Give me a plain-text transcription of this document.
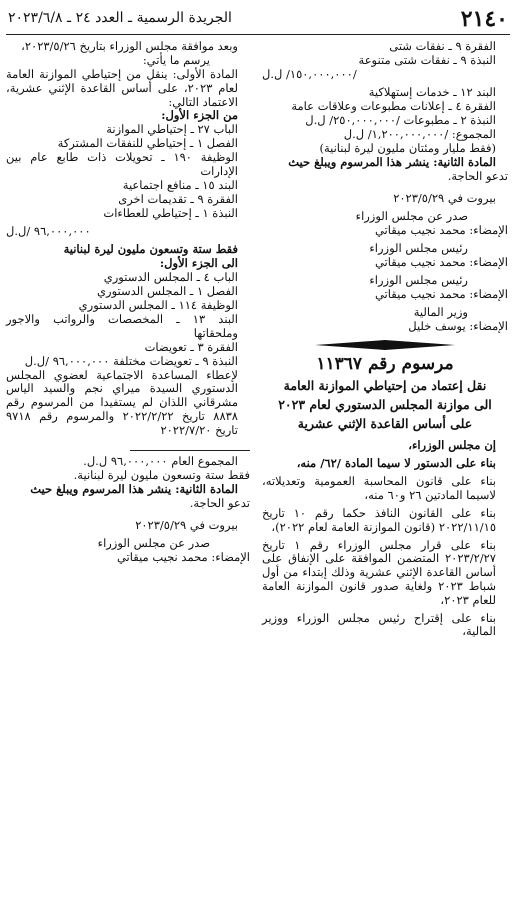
٢١٤٠
الجريدة الرسمية ـ العدد ٢٤ ـ ٢٠٢٣/٦/٨

الفقرة ٩ ـ نفقات شتى

النبذة ٩ ـ نفقات شتى متنوعة

/١٥٠,٠٠٠,٠٠٠/ ل.ل

البند ١٢ ـ خدمات إستهلاكية

الفقرة ٤ ـ إعلانات مطبوعات وعلاقات عامة

النبذة ٢ ـ مطبوعات /٢٥٠,٠٠٠,٠٠٠/ ل.ل

المجموع: /١,٢٠٠,٠٠٠,٠٠٠/ ل.ل

(فقط مليار ومئتان مليون ليرة لبنانية)

المادة الثانية: ينشر هذا المرسوم ويبلغ حيث

تدعو الحاجة.

بيروت في ٢٠٢٣/٥/٢٩

صدر عن مجلس الوزراء

الإمضاء: محمد نجيب ميقاتي

رئيس مجلس الوزراء

الإمضاء: محمد نجيب ميقاتي

رئيس مجلس الوزراء

الإمضاء: محمد نجيب ميقاتي

وزير المالية

الإمضاء: يوسف خليل

مرسوم رقم ١١٣٦٧

نقل إعتماد من إحتياطي الموازنة العامة

الى موازنة المجلس الدستوري لعام ٢٠٢٣

على أساس القاعدة الإثني عشرية

إن مجلس الوزراء،

بناء على الدستور لا سيما المادة /٦٢/ منه،

بناء على قانون المحاسبة العمومية وتعديلاته، لاسيما المادتين ٢٦ و٦٠ منه،

بناء على القانون النافذ حكما رقم ١٠ تاريخ ٢٠٢٢/١١/١٥ (قانون الموازنة العامة لعام ٢٠٢٢)،

بناء على قرار مجلس الوزراء رقم ١ تاريخ ٢٠٢٣/٢/٢٧ المتضمن الموافقة على الإنفاق على أساس القاعدة الإثني عشرية وذلك إبتداء من أول شباط ٢٠٢٣ ولغاية صدور قانون الموازنة العامة للعام ٢٠٢٣،

بناء على إقتراح رئيس مجلس الوزراء ووزير المالية،

وبعد موافقة مجلس الوزراء بتاريخ ٢٠٢٣/٥/٢٦،

يرسم ما يأتي:

المادة الأولى: ينقل من إحتياطي الموازنة العامة لعام ٢٠٢٣، على أساس القاعدة الإثني عشرية، الاعتماد التالي:

من الجزء الأول:

الباب ٢٧ ـ إحتياطي الموازنة

الفصل ١ ـ إحتياطي للنفقات المشتركة

الوظيفة ١٩٠ ـ تحويلات ذات طابع عام بين الإدارات

البند ١٥ ـ منافع اجتماعية

الفقرة ٩ ـ تقديمات اخرى

النبذة ١ ـ إحتياطي للعطاءات

٩٦,٠٠٠,٠٠٠ /ل.ل

فقط ستة وتسعون مليون ليرة لبنانية

الى الجزء الأول:

الباب ٤ ـ المجلس الدستوري

الفصل ١ ـ المجلس الدستوري

الوظيفة ١١٤ ـ المجلس الدستوري

البند ١٣ ـ المخصصات والرواتب والاجور وملحقاتها

الفقرة ٣ ـ تعويضات

النبذة ٩ ـ تعويضات مختلفة ٩٦,٠٠٠,٠٠٠ /ل.ل

لإعطاء المساعدة الاجتماعية لعضوي المجلس الدستوري السيدة ميراي نجم والسيد الياس مشرقاني اللذان لم يستفيدا من المرسوم رقم ٨٨٣٨ تاريخ ٢٠٢٢/٢/٢٢ والمرسوم رقم ٩٧١٨ تاريخ ٢٠٢٢/٧/٢٠

المجموع العام ٩٦,٠٠٠,٠٠٠ ل.ل.

فقط ستة وتسعون مليون ليرة لبنانية.

المادة الثانية: ينشر هذا المرسوم ويبلغ حيث

تدعو الحاجة.

بيروت في ٢٠٢٣/٥/٢٩

صدر عن مجلس الوزراء

الإمضاء: محمد نجيب ميقاتي
